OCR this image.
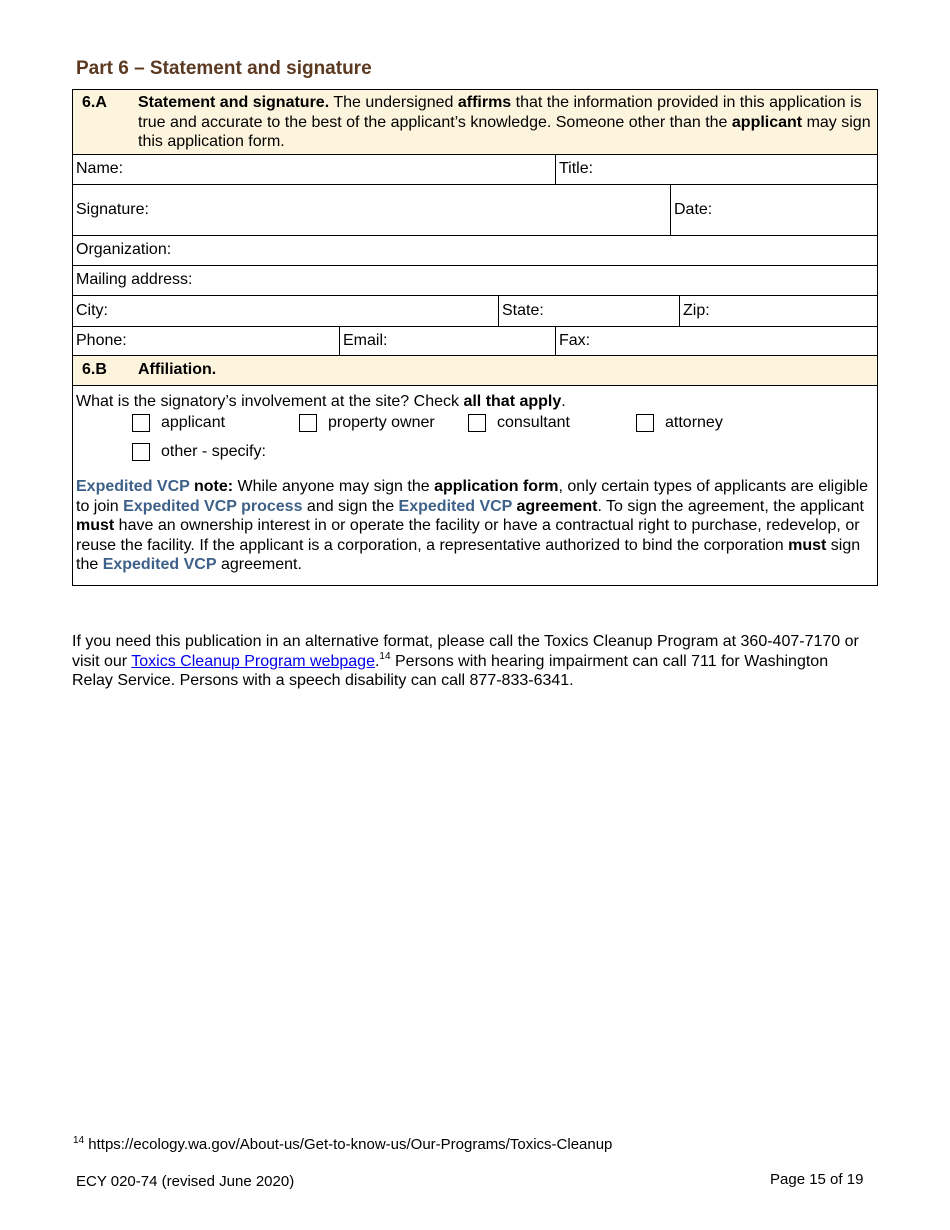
Part 6 – Statement and signature
6.A	Statement and signature. The undersigned affirms that the information provided in this application is true and accurate to the best of the applicant’s knowledge. Someone other than the applicant may sign this application form.
Name:	Title:
Signature:	Date:
Organization:
Mailing address:
City:	State:	Zip:
Phone:	Email:	Fax:
6.B	Affiliation.
What is the signatory’s involvement at the site? Check all that apply.
applicant	property owner	consultant	attorney
other - specify:
Expedited VCP note: While anyone may sign the application form, only certain types of applicants are eligible to join Expedited VCP process and sign the Expedited VCP agreement. To sign the agreement, the applicant must have an ownership interest in or operate the facility or have a contractual right to purchase, redevelop, or reuse the facility. If the applicant is a corporation, a representative authorized to bind the corporation must sign the Expedited VCP agreement.
If you need this publication in an alternative format, please call the Toxics Cleanup Program at 360-407-7170 or visit our Toxics Cleanup Program webpage.$^{14}$ Persons with hearing impairment can call 711 for Washington Relay Service. Persons with a speech disability can call 877-833-6341.
$^{14}$ https://ecology.wa.gov/About-us/Get-to-know-us/Our-Programs/Toxics-Cleanup
ECY 020-74 (revised June 2020)	Page 15 of 19
